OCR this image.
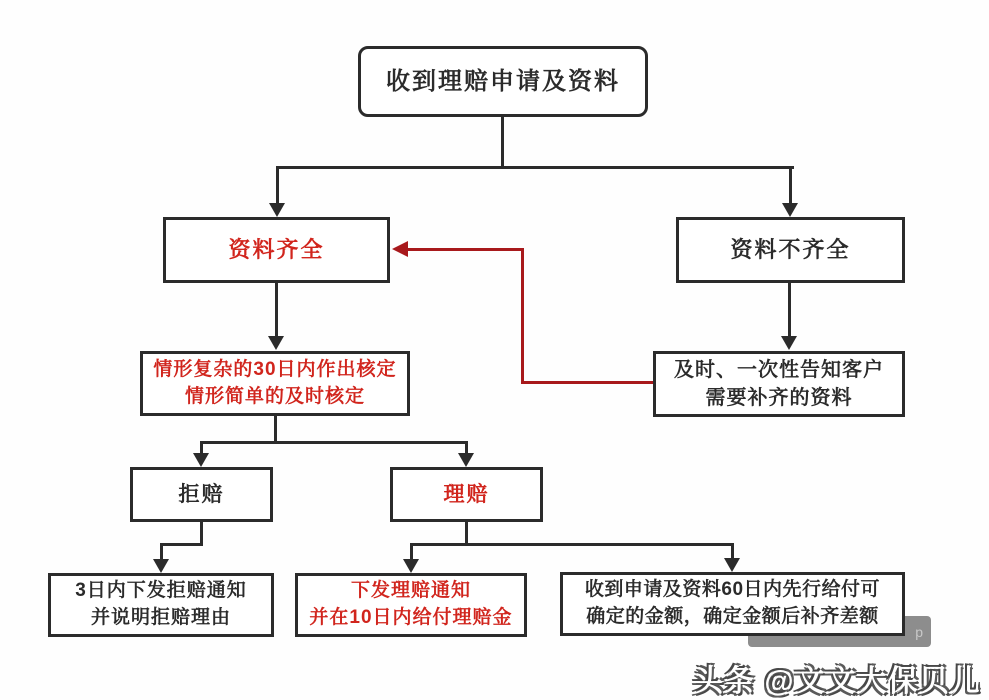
收到理赔申请及资料
资料齐全	资料不齐全
情形复杂的30日内作出核定
情形简单的及时核定
及时、一次性告知客户
需要补齐的资料
拒赔	理赔
3日内下发拒赔通知
并说明拒赔理由
下发理赔通知
并在10日内给付理赔金
收到申请及资料60日内先行给付可
确定的金额，确定金额后补齐差额
p
头条 @文文大保贝儿
